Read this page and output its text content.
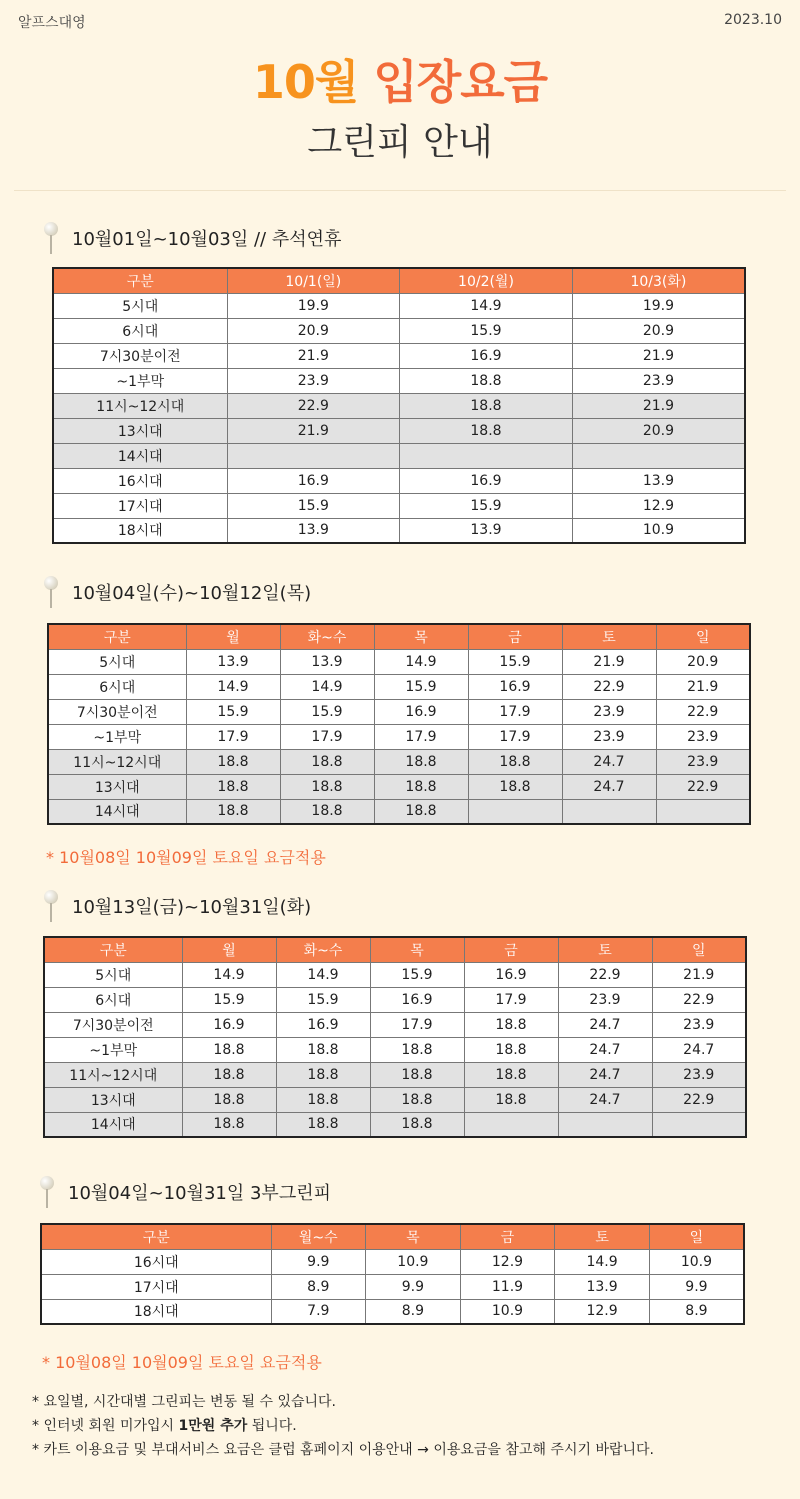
알프스대영	2023.10
10월 입장요금
그린피 안내
10월01일~10월03일 // 추석연휴
구분	10/1(일)	10/2(월)	10/3(화)
5시대	19.9	14.9	19.9
6시대	20.9	15.9	20.9
7시30분이전	21.9	16.9	21.9
~1부막	23.9	18.8	23.9
11시~12시대	22.9	18.8	21.9
13시대	21.9	18.8	20.9
14시대			
16시대	16.9	16.9	13.9
17시대	15.9	15.9	12.9
18시대	13.9	13.9	10.9
10월04일(수)~10월12일(목)
구분	월	화~수	목	금	토	일
5시대	13.9	13.9	14.9	15.9	21.9	20.9
6시대	14.9	14.9	15.9	16.9	22.9	21.9
7시30분이전	15.9	15.9	16.9	17.9	23.9	22.9
~1부막	17.9	17.9	17.9	17.9	23.9	23.9
11시~12시대	18.8	18.8	18.8	18.8	24.7	23.9
13시대	18.8	18.8	18.8	18.8	24.7	22.9
14시대	18.8	18.8	18.8			
* 10월08일 10월09일 토요일 요금적용
10월13일(금)~10월31일(화)
구분	월	화~수	목	금	토	일
5시대	14.9	14.9	15.9	16.9	22.9	21.9
6시대	15.9	15.9	16.9	17.9	23.9	22.9
7시30분이전	16.9	16.9	17.9	18.8	24.7	23.9
~1부막	18.8	18.8	18.8	18.8	24.7	24.7
11시~12시대	18.8	18.8	18.8	18.8	24.7	23.9
13시대	18.8	18.8	18.8	18.8	24.7	22.9
14시대	18.8	18.8	18.8			
10월04일~10월31일 3부그린피
구분	월~수	목	금	토	일
16시대	9.9	10.9	12.9	14.9	10.9
17시대	8.9	9.9	11.9	13.9	9.9
18시대	7.9	8.9	10.9	12.9	8.9
* 10월08일 10월09일 토요일 요금적용
* 요일별, 시간대별 그린피는 변동 될 수 있습니다.
* 인터넷 회원 미가입시 1만원 추가 됩니다.
* 카트 이용요금 및 부대서비스 요금은 클럽 홈페이지 이용안내 → 이용요금을 참고해 주시기 바랍니다.
